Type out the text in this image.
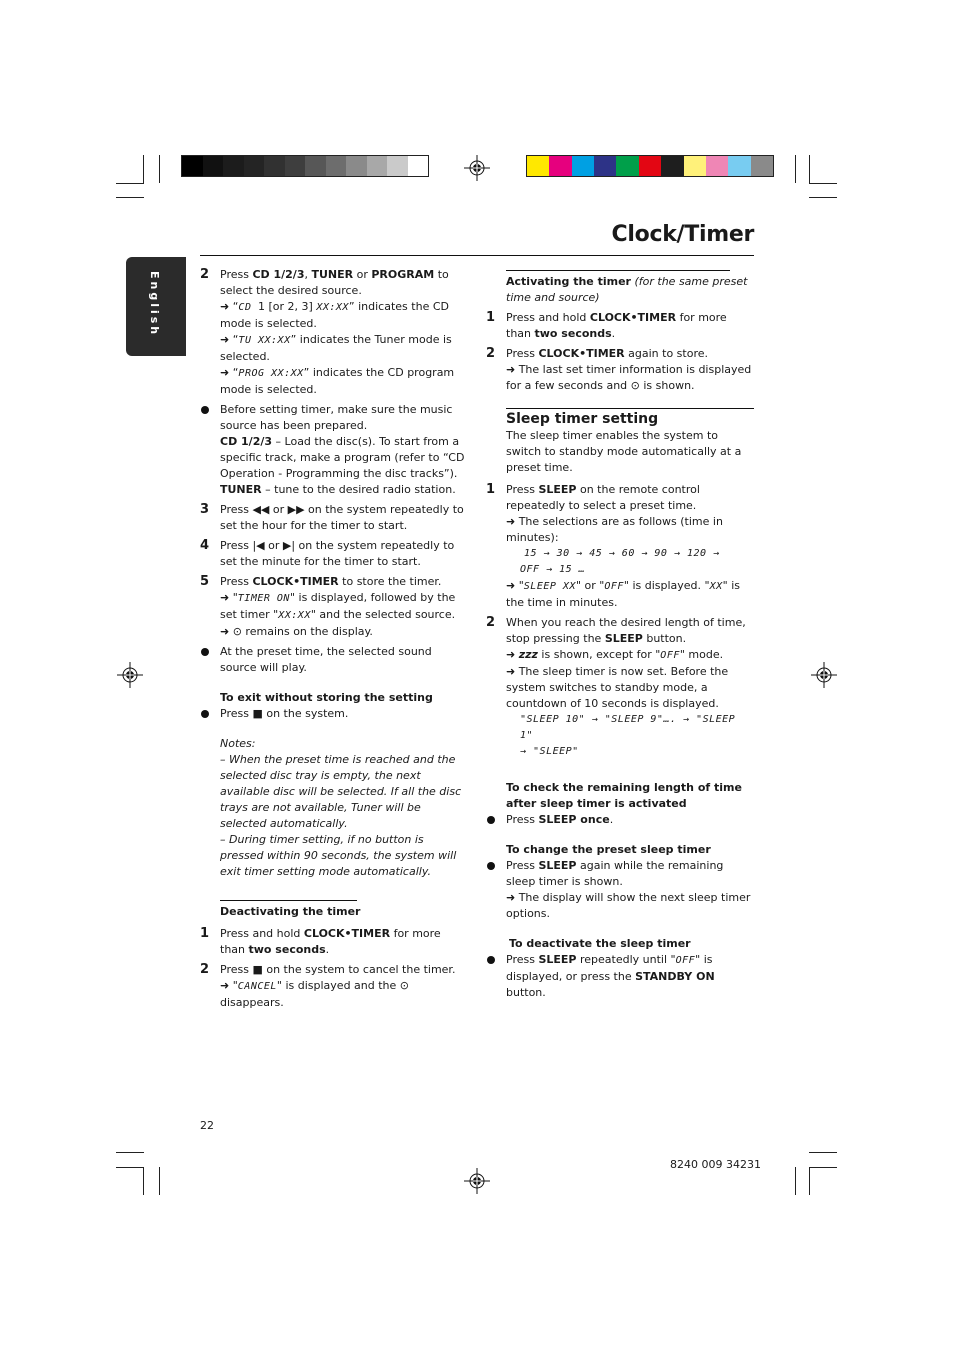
Clock/Timer
English	2 Press CD 1/2/3, TUNER or PROGRAM to select the desired source.

➜ “CD 1 [or 2, 3] XX:XX” indicates the CD mode is selected.

➜ “TU XX:XX” indicates the Tuner mode is selected.

➜ “PROG XX:XX” indicates the CD program mode is selected.

Before setting timer, make sure the music source has been prepared.

CD 1/2/3 – Load the disc(s). To start from a specific track, make a program (refer to “CD Operation - Programming the disc tracks”).

TUNER – tune to the desired radio station.

3 Press ◀◀ or ▶▶ on the system repeatedly to set the hour for the timer to start.

4 Press |◀ or ▶| on the system repeatedly to set the minute for the timer to start.

5 Press CLOCK•TIMER to store the timer.

➜ "TIMER ON" is displayed, followed by the set timer "XX:XX" and the selected source.

➜ ⊙ remains on the display.

At the preset time, the selected sound source will play.

To exit without storing the setting

Press ■ on the system.

Notes:

– When the preset time is reached and the selected disc tray is empty, the next available disc will be selected. If all the disc trays are not available, Tuner will be selected automatically.

– During timer setting, if no button is pressed within 90 seconds, the system will exit timer setting mode automatically.

Deactivating the timer

1 Press and hold CLOCK•TIMER for more than two seconds.

2 Press ■ on the system to cancel the timer.

➜ "CANCEL" is displayed and the ⊙ disappears.

Activating the timer (for the same preset time and source)

1 Press and hold CLOCK•TIMER for more than two seconds.

2 Press CLOCK•TIMER again to store.

➜ The last set timer information is displayed for a few seconds and ⊙ is shown.

Sleep timer setting

The sleep timer enables the system to switch to standby mode automatically at a preset time.

1 Press SLEEP on the remote control repeatedly to select a preset time.

➜ The selections are as follows (time in minutes):

15 → 30 → 45 → 60 → 90 → 120 →

OFF → 15 …

➜ "SLEEP XX" or "OFF" is displayed. "XX" is the time in minutes.

2 When you reach the desired length of time, stop pressing the SLEEP button.

➜ zzz is shown, except for "OFF" mode.

➜ The sleep timer is now set. Before the system switches to standby mode, a countdown of 10 seconds is displayed.

"SLEEP 10" → "SLEEP 9"…. → "SLEEP 1"

→ "SLEEP"

To check the remaining length of time after sleep timer is activated

Press SLEEP once.

To change the preset sleep timer

Press SLEEP again while the remaining sleep timer is shown.

➜ The display will show the next sleep timer options.

To deactivate the sleep timer

Press SLEEP repeatedly until "OFF" is displayed, or press the STANDBY ON button.

22
8240 009 34231
